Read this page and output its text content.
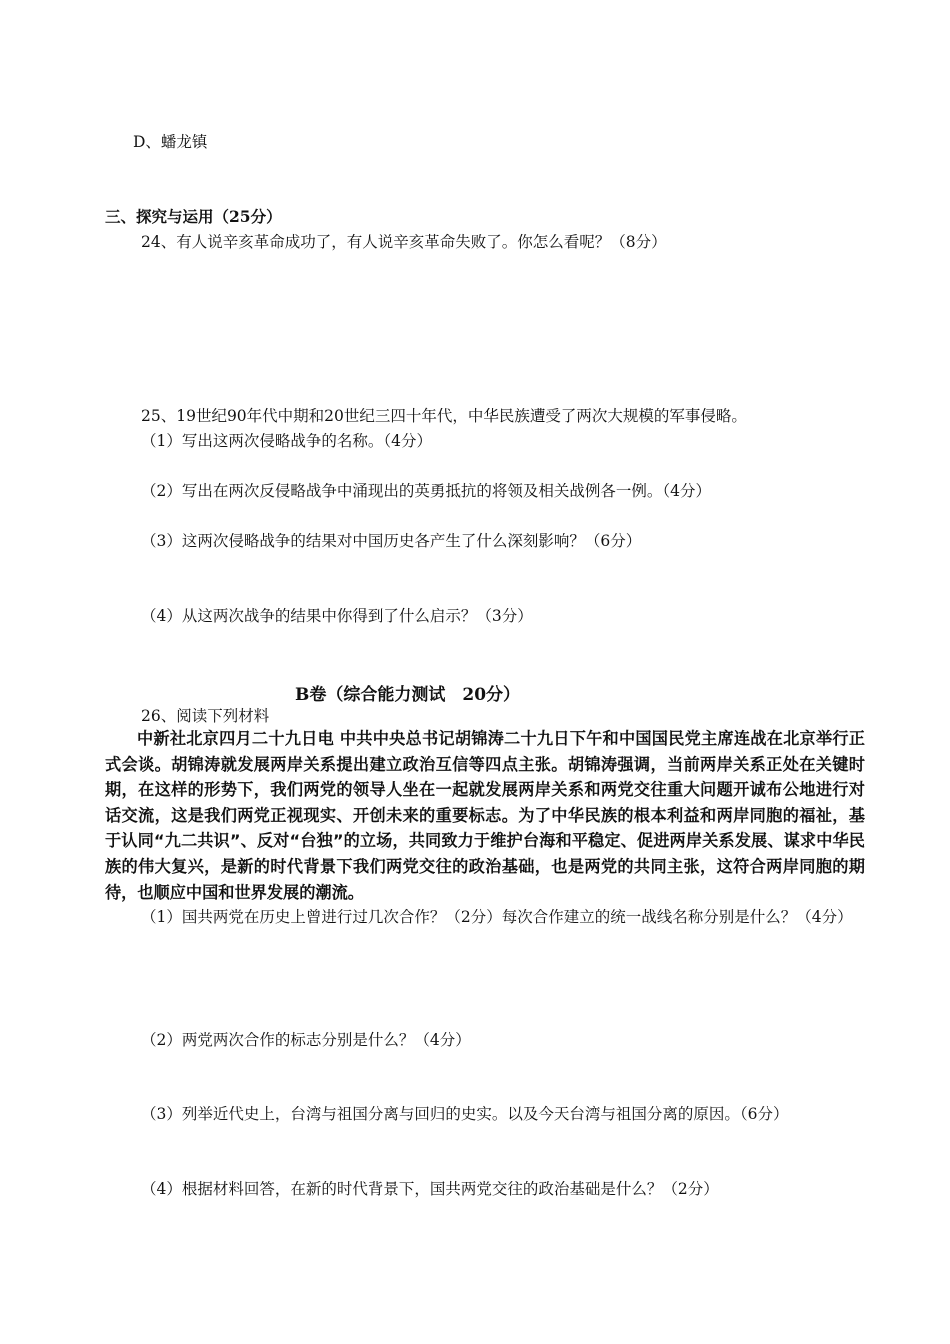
D、蟠龙镇
三、探究与运用（25分）
24、有人说辛亥革命成功了，有人说辛亥革命失败了。你怎么看呢？（8分）
25、19世纪90年代中期和20世纪三四十年代，中华民族遭受了两次大规模的军事侵略。
（1）写出这两次侵略战争的名称。（4分）
（2）写出在两次反侵略战争中涌现出的英勇抵抗的将领及相关战例各一例。（4分）
（3）这两次侵略战争的结果对中国历史各产生了什么深刻影响？（6分）
（4）从这两次战争的结果中你得到了什么启示？（3分）
B卷（综合能力测试　20分）
26、阅读下列材料
中新社北京四月二十九日电 中共中央总书记胡锦涛二十九日下午和中国国民党主席连战在北京举行正式会谈。胡锦涛就发展两岸关系提出建立政治互信等四点主张。胡锦涛强调，当前两岸关系正处在关键时期，在这样的形势下，我们两党的领导人坐在一起就发展两岸关系和两党交往重大问题开诚布公地进行对话交流，这是我们两党正视现实、开创未来的重要标志。为了中华民族的根本利益和两岸同胞的福祉，基于认同“九二共识”、反对“台独”的立场，共同致力于维护台海和平稳定、促进两岸关系发展、谋求中华民族的伟大复兴，是新的时代背景下我们两党交往的政治基础，也是两党的共同主张，这符合两岸同胞的期待，也顺应中国和世界发展的潮流。
（1）国共两党在历史上曾进行过几次合作？（2分）每次合作建立的统一战线名称分别是什么？（4分）
（2）两党两次合作的标志分别是什么？（4分）
（3）列举近代史上，台湾与祖国分离与回归的史实。以及今天台湾与祖国分离的原因。（6分）
（4）根据材料回答，在新的时代背景下，国共两党交往的政治基础是什么？（2分）
